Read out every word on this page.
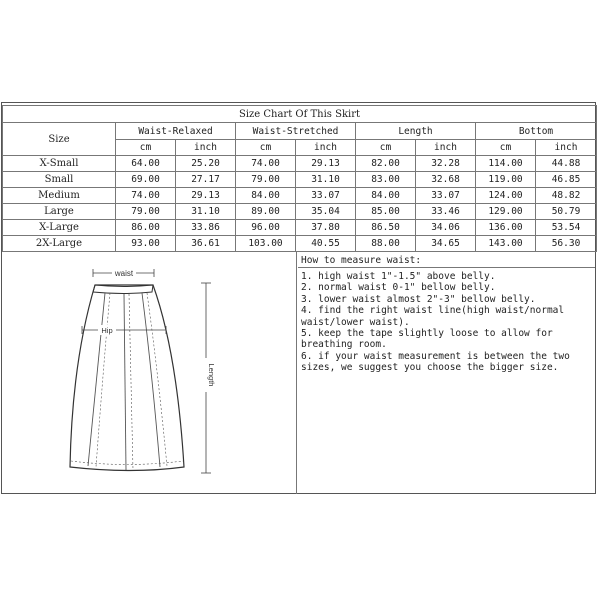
Size Chart Of This Skirt								
Size	Waist-Relaxed		Waist-Stretched		Length		Bottom	
	cm	inch	cm	inch	cm	inch	cm	inch
X-Small	64.00	25.20	74.00	29.13	82.00	32.28	114.00	44.88
Small	69.00	27.17	79.00	31.10	83.00	32.68	119.00	46.85
Medium	74.00	29.13	84.00	33.07	84.00	33.07	124.00	48.82
Large	79.00	31.10	89.00	35.04	85.00	33.46	129.00	50.79
X-Large	86.00	33.86	96.00	37.80	86.50	34.06	136.00	53.54
2X-Large	93.00	36.61	103.00	40.55	88.00	34.65	143.00	56.30
waist
Hip
Length
How to measure waist:
1. high waist 1"-1.5" above belly.
2. normal waist 0-1" bellow belly.
3. lower waist almost 2"-3" bellow belly.
4. find the right waist line(high waist/normal waist/lower waist).
5. keep the tape slightly loose to allow for breathing room.
6. if your waist measurement is between the two sizes, we suggest you choose the bigger size.
